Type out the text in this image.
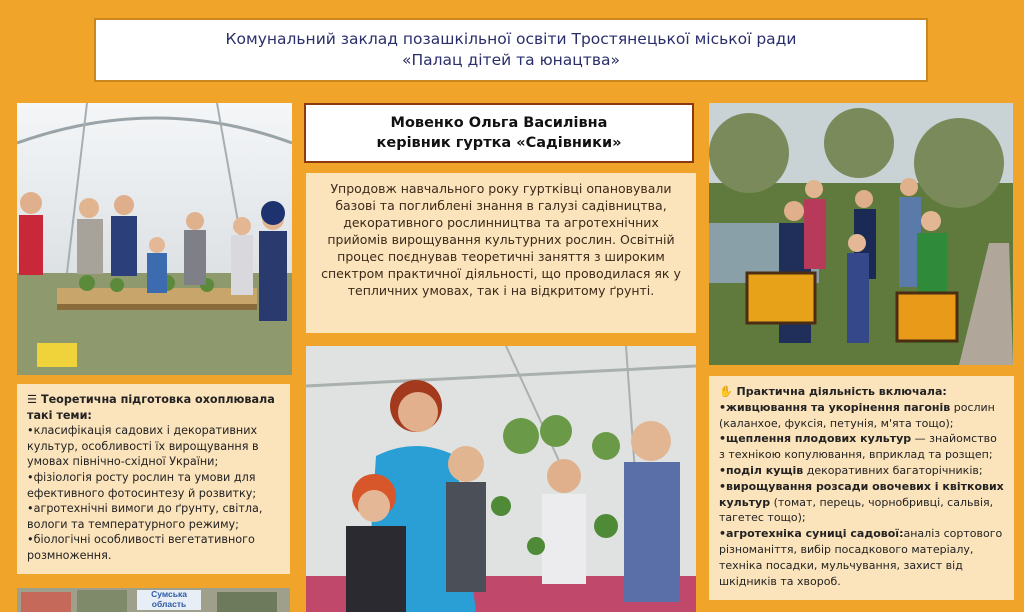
Комунальний заклад позашкільної освіти Тростянецької міської ради
«Палац дітей та юнацтва»
Мовенко Ольга Василівна
керівник гуртка «Садівники»
Упродовж навчального року гуртківці опановували базові та поглиблені знання в галузі садівництва, декоративного рослинництва та агротехнічних прийомів вирощування культурних рослин. Освітній процес поєднував теоретичні заняття з широким спектром практичної діяльності, що проводилася як у тепличних умовах, так і на відкритому ґрунті.
☰ Теоретична підготовка охоплювала такі теми:
•класифікація садових і декоративних культур, особливості їх вирощування в умовах північно-східної України;
•фізіологія росту рослин та умови для ефективного фотосинтезу й розвитку;
•агротехнічні вимоги до ґрунту, світла, вологи та температурного режиму;
•біологічні особливості вегетативного розмноження.
✋ Практична діяльність включала:
•живцювання та укорінення пагонів рослин (каланхое, фуксія, петунія, м'ята тощо);
•щеплення плодових культур — знайомство з технікою копулювання, вприклад та розщеп;
•поділ кущів декоративних багаторічників;
•вирощування розсади овочевих і квіткових культур (томат, перець, чорнобривці, сальвія, тагетес тощо);
•агротехніка суниці садової:аналіз сортового різноманіття, вибір посадкового матеріалу, техніка посадки, мульчування, захист від шкідників та хвороб.
Сумська
область
